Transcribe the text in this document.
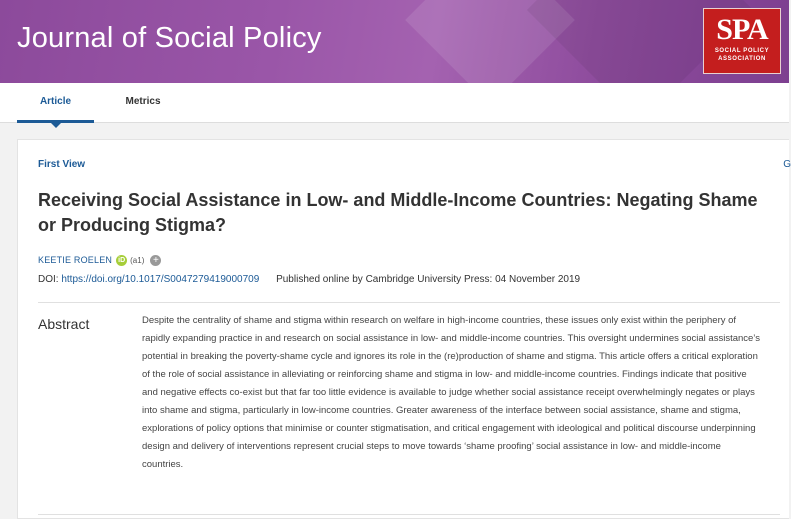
Journal of Social Policy	SPA
SOCIAL POLICY
ASSOCIATION
Article	Metrics
First View	G
Receiving Social Assistance in Low- and Middle-Income Countries: Negating Shame or Producing Stigma?
KEETIE ROELEN iD (a1) +
DOI: https://doi.org/10.1017/S0047279419000709 Published online by Cambridge University Press: 04 November 2019
Abstract	Despite the centrality of shame and stigma within research on welfare in high-income countries, these issues only exist within the periphery of rapidly expanding practice in and research on social assistance in low- and middle-income countries. This oversight undermines social assistance’s potential in breaking the poverty-shame cycle and ignores its role in the (re)production of shame and stigma. This article offers a critical exploration of the role of social assistance in alleviating or reinforcing shame and stigma in low- and middle-income countries. Findings indicate that positive and negative effects co-exist but that far too little evidence is available to judge whether social assistance receipt overwhelmingly negates or plays into shame and stigma, particularly in low-income countries. Greater awareness of the interface between social assistance, shame and stigma, explorations of policy options that minimise or counter stigmatisation, and critical engagement with ideological and political discourse underpinning design and delivery of interventions represent crucial steps to move towards ‘shame proofing’ social assistance in low- and middle-income countries.
